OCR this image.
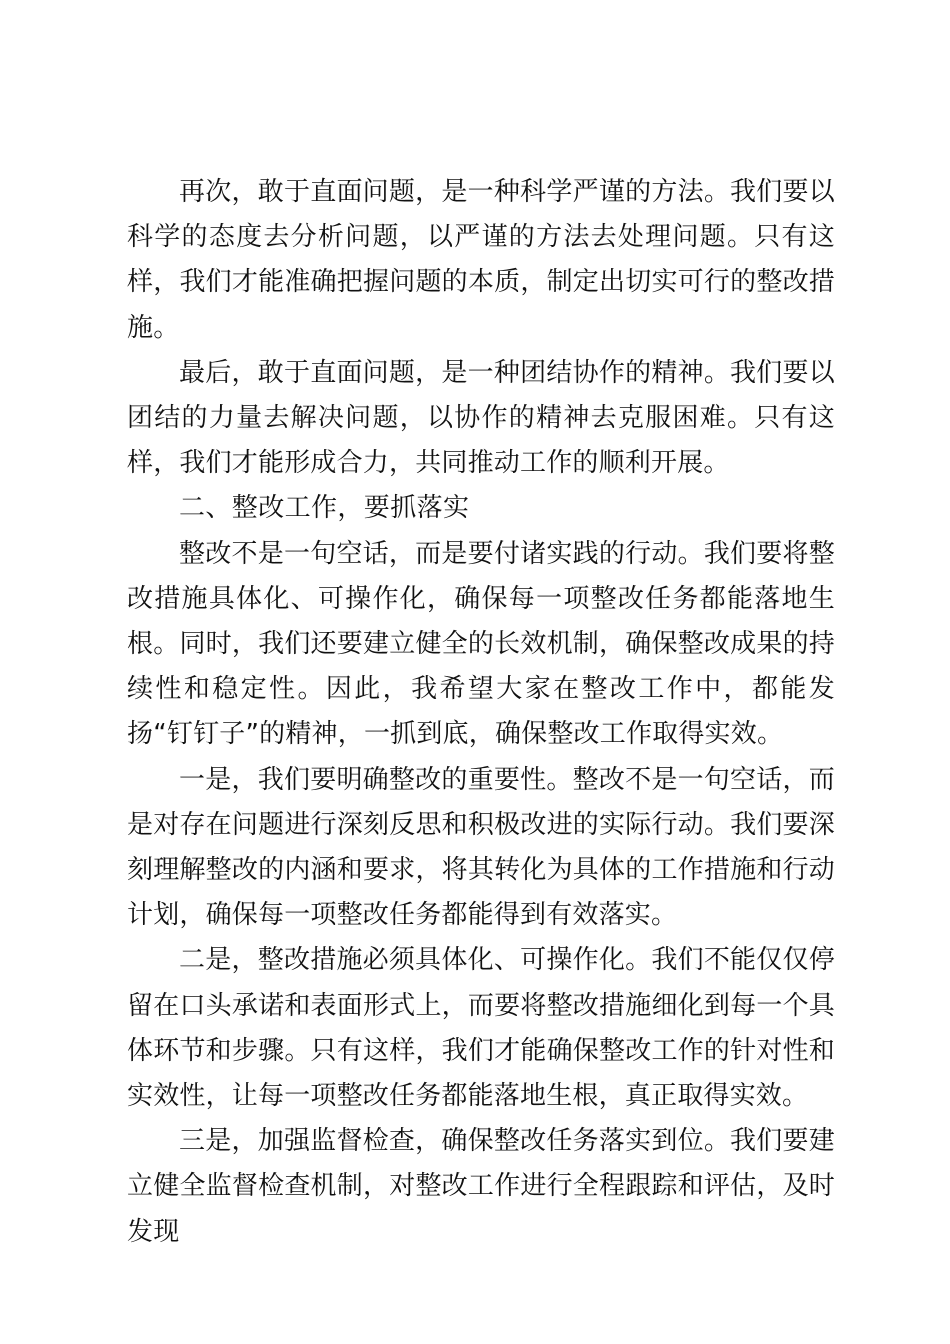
再次，敢于直面问题，是一种科学严谨的方法。我们要以科学的态度去分析问题，以严谨的方法去处理问题。只有这样，我们才能准确把握问题的本质，制定出切实可行的整改措施。

最后，敢于直面问题，是一种团结协作的精神。我们要以团结的力量去解决问题，以协作的精神去克服困难。只有这样，我们才能形成合力，共同推动工作的顺利开展。

二、整改工作，要抓落实

整改不是一句空话，而是要付诸实践的行动。我们要将整改措施具体化、可操作化，确保每一项整改任务都能落地生根。同时，我们还要建立健全的长效机制，确保整改成果的持续性和稳定性。因此，我希望大家在整改工作中，都能发扬“钉钉子”的精神，一抓到底，确保整改工作取得实效。

一是，我们要明确整改的重要性。整改不是一句空话，而是对存在问题进行深刻反思和积极改进的实际行动。我们要深刻理解整改的内涵和要求，将其转化为具体的工作措施和行动计划，确保每一项整改任务都能得到有效落实。

二是，整改措施必须具体化、可操作化。我们不能仅仅停留在口头承诺和表面形式上，而要将整改措施细化到每一个具体环节和步骤。只有这样，我们才能确保整改工作的针对性和实效性，让每一项整改任务都能落地生根，真正取得实效。

三是，加强监督检查，确保整改任务落实到位。我们要建立健全监督检查机制，对整改工作进行全程跟踪和评估，及时发现
